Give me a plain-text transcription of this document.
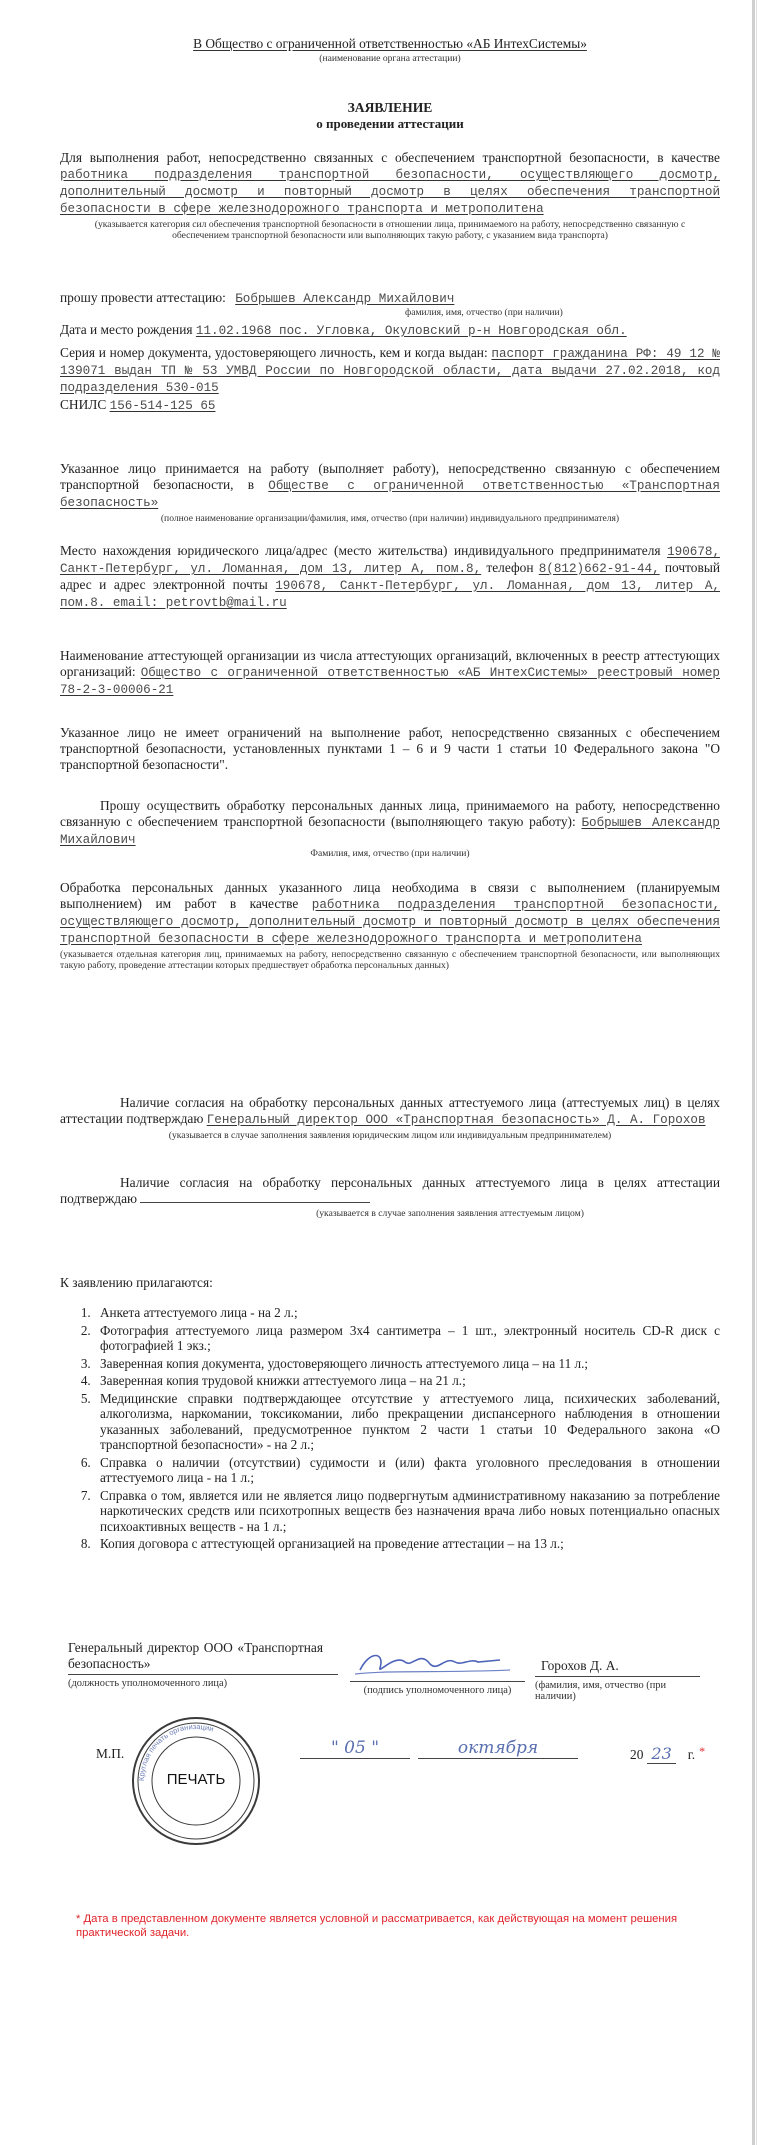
В Общество с ограниченной ответственностью «АБ ИнтехСистемы»
(наименование органа аттестации)
ЗАЯВЛЕНИЕ
о проведении аттестации

Для выполнения работ, непосредственно связанных с обеспечением транспортной безопасности, в качестве работника подразделения транспортной безопасности, осуществляющего досмотр, дополнительный досмотр и повторный досмотр в целях обеспечения транспортной безопасности в сфере железнодорожного транспорта и метрополитена

(указывается категория сил обеспечения транспортной безопасности в отношении лица, принимаемого на работу, непосредственно связанную с обеспечением транспортной безопасности или выполняющих такую работу, с указанием вида транспорта)

прошу провести аттестацию: Бобрышев Александр Михайлович

фамилия, имя, отчество (при наличии)

Дата и место рождения 11.02.1968 пос. Угловка, Окуловский р-н Новгородская обл.

Серия и номер документа, удостоверяющего личность, кем и когда выдан: паспорт гражданина РФ: 49 12 № 139071 выдан ТП № 53 УМВД России по Новгородской области, дата выдачи 27.02.2018, код подразделения 530-015

СНИЛС 156-514-125 65

Указанное лицо принимается на работу (выполняет работу), непосредственно связанную с обеспечением транспортной безопасности, в Обществе с ограниченной ответственностью «Транспортная безопасность»

(полное наименование организации/фамилия, имя, отчество (при наличии) индивидуального предпринимателя)

Место нахождения юридического лица/адрес (место жительства) индивидуального предпринимателя 190678, Санкт-Петербург, ул. Ломанная, дом 13, литер А, пом.8, телефон 8(812)662-91-44, почтовый адрес и адрес электронной почты 190678, Санкт-Петербург, ул. Ломанная, дом 13, литер А, пом.8. email: petrovtb@mail.ru

Наименование аттестующей организации из числа аттестующих организаций, включенных в реестр аттестующих организаций: Общество с ограниченной ответственностью «АБ ИнтехСистемы» реестровый номер 78-2-3-00006-21

Указанное лицо не имеет ограничений на выполнение работ, непосредственно связанных с обеспечением транспортной безопасности, установленных пунктами 1 – 6 и 9 части 1 статьи 10 Федерального закона "О транспортной безопасности".

Прошу осуществить обработку персональных данных лица, принимаемого на работу, непосредственно связанную с обеспечением транспортной безопасности (выполняющего такую работу): Бобрышев Александр Михайлович

Фамилия, имя, отчество (при наличии)

Обработка персональных данных указанного лица необходима в связи с выполнением (планируемым выполнением) им работ в качестве работника подразделения транспортной безопасности, осуществляющего досмотр, дополнительный досмотр и повторный досмотр в целях обеспечения транспортной безопасности в сфере железнодорожного транспорта и метрополитена

(указывается отдельная категория лиц, принимаемых на работу, непосредственно связанную с обеспечением транспортной безопасности, или выполняющих такую работу, проведение аттестации которых предшествует обработка персональных данных)

Наличие согласия на обработку персональных данных аттестуемого лица (аттестуемых лиц) в целях аттестации подтверждаю Генеральный директор ООО «Транспортная безопасность» Д. А. Горохов

(указывается в случае заполнения заявления юридическим лицом или индивидуальным предпринимателем)

Наличие согласия на обработку персональных данных аттестуемого лица в целях аттестации подтверждаю

(указывается в случае заполнения заявления аттестуемым лицом)

К заявлению прилагаются:

1. Анкета аттестуемого лица - на 2 л.;
2. Фотография аттестуемого лица размером 3х4 сантиметра – 1 шт., электронный носитель CD-R диск с фотографией 1 экз.;
3. Заверенная копия документа, удостоверяющего личность аттестуемого лица – на 11 л.;
4. Заверенная копия трудовой книжки аттестуемого лица – на 21 л.;
5. Медицинские справки подтверждающее отсутствие у аттестуемого лица, психических заболеваний, алкоголизма, наркомании, токсикомании, либо прекращении диспансерного наблюдения в отношении указанных заболеваний, предусмотренное пунктом 2 части 1 статьи 10 Федерального закона «О транспортной безопасности» - на 2 л.;
6. Справка о наличии (отсутствии) судимости и (или) факта уголовного преследования в отношении аттестуемого лица - на 1 л.;
7. Справка о том, является или не является лицо подвергнутым административному наказанию за потребление наркотических средств или психотропных веществ без назначения врача либо новых потенциально опасных психоактивных веществ - на 1 л.;
8. Копия договора с аттестующей организацией на проведение аттестации – на 13 л.;
Генеральный директор ООО «Транспортная безопасность»
(должность уполномоченного лица)
(подпись уполномоченного лица)
Горохов Д. А.
(фамилия, имя, отчество (при наличии)
М.П.	" 05 "	октября	20 23 г. *
Круглая печать организации
ПЕЧАТЬ
* Дата в представленном документе является условной и рассматривается, как действующая на момент решения практической задачи.
